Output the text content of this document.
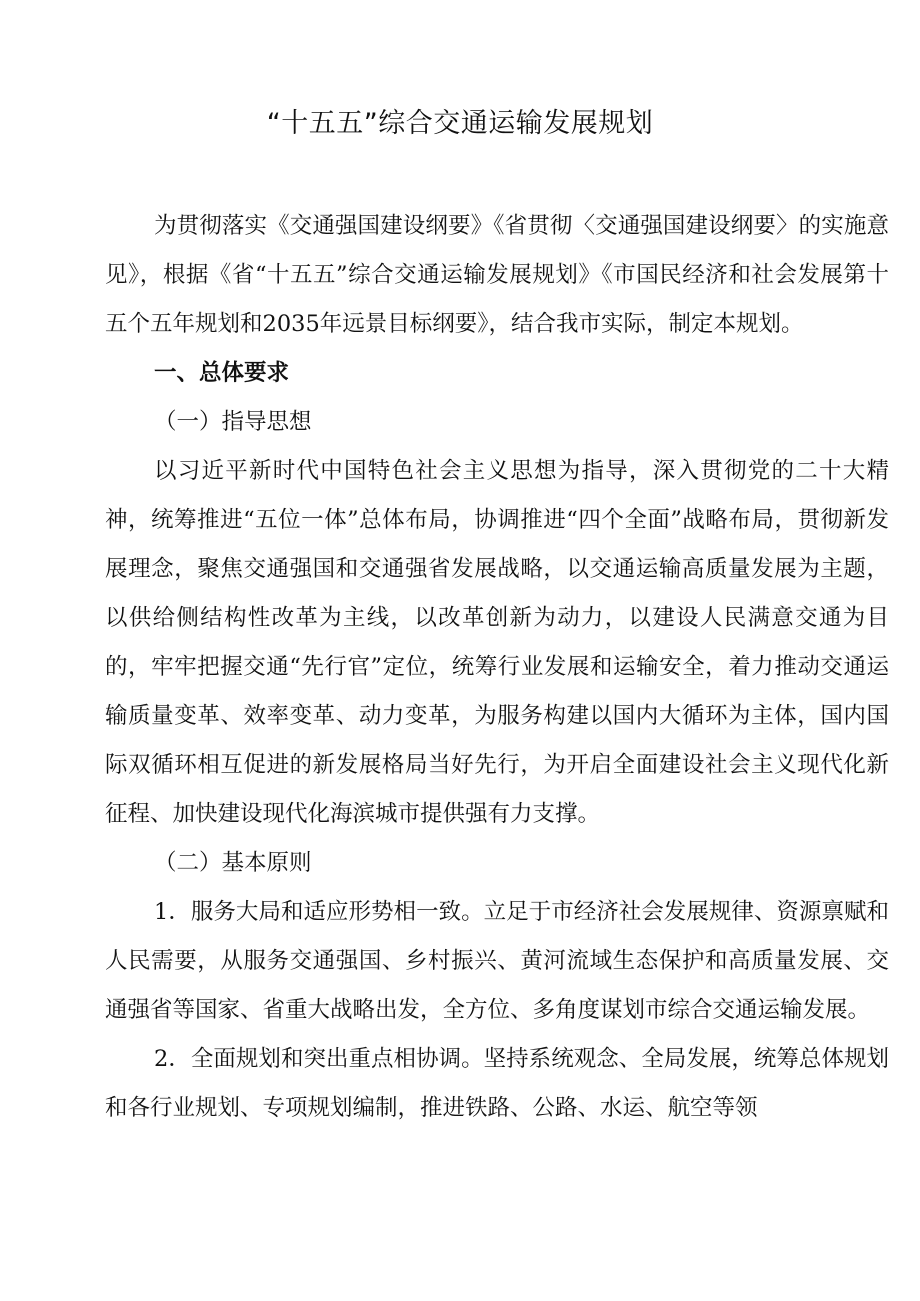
“十五五”综合交通运输发展规划

为贯彻落实《交通强国建设纲要》《省贯彻〈交通强国建设纲要〉的实施意见》，根据《省“十五五”综合交通运输发展规划》《市国民经济和社会发展第十五个五年规划和2035年远景目标纲要》，结合我市实际，制定本规划。

一、总体要求

（一）指导思想

以习近平新时代中国特色社会主义思想为指导，深入贯彻党的二十大精神，统筹推进“五位一体”总体布局，协调推进“四个全面”战略布局，贯彻新发展理念，聚焦交通强国和交通强省发展战略，以交通运输高质量发展为主题，以供给侧结构性改革为主线，以改革创新为动力，以建设人民满意交通为目的，牢牢把握交通“先行官”定位，统筹行业发展和运输安全，着力推动交通运输质量变革、效率变革、动力变革，为服务构建以国内大循环为主体，国内国际双循环相互促进的新发展格局当好先行，为开启全面建设社会主义现代化新征程、加快建设现代化海滨城市提供强有力支撑。

（二）基本原则

1．服务大局和适应形势相一致。立足于市经济社会发展规律、资源禀赋和人民需要，从服务交通强国、乡村振兴、黄河流域生态保护和高质量发展、交通强省等国家、省重大战略出发，全方位、多角度谋划市综合交通运输发展。

2．全面规划和突出重点相协调。坚持系统观念、全局发展，统筹总体规划和各行业规划、专项规划编制，推进铁路、公路、水运、航空等领
